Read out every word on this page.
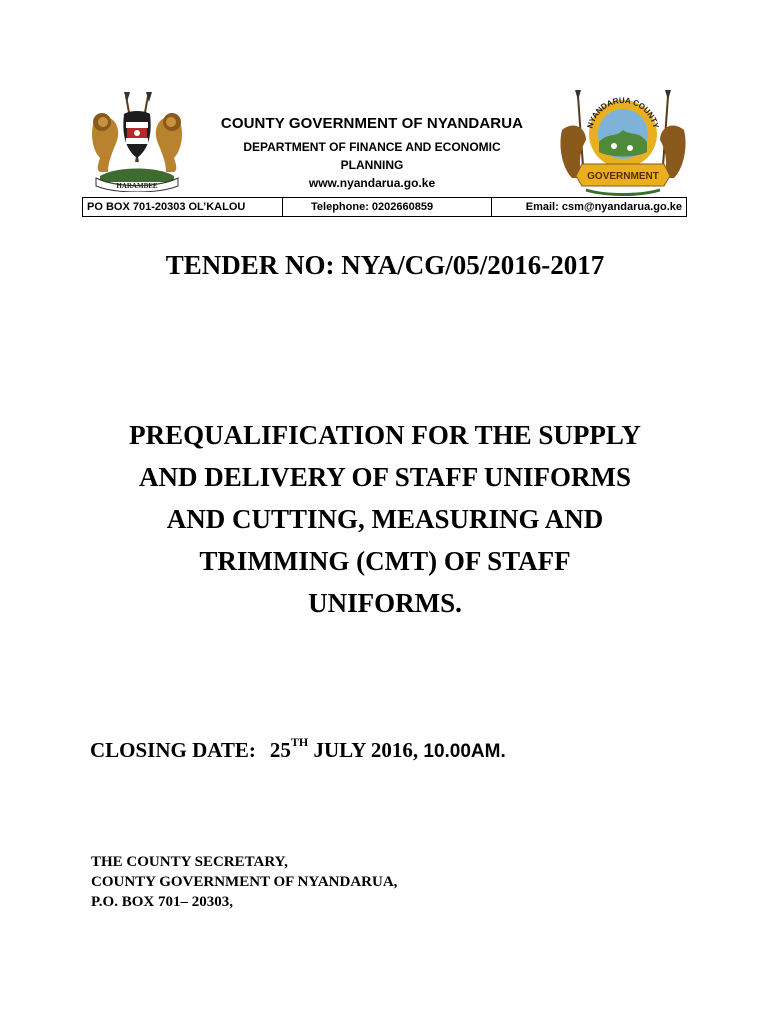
HARAMBEE
COUNTY GOVERNMENT OF NYANDARUA
DEPARTMENT OF FINANCE AND ECONOMIC
PLANNING
www.nyandarua.go.ke
NYANDARUA COUNTY
GOVERNMENT
PO BOX 701-20303 OL’KALOU	Telephone: 0202660859	Email: csm@nyandarua.go.ke
TENDER NO: NYA/CG/05/2016-2017
PREQUALIFICATION FOR THE SUPPLY
AND DELIVERY OF STAFF UNIFORMS
AND CUTTING, MEASURING AND
TRIMMING (CMT) OF STAFF
UNIFORMS.
CLOSING DATE: 25TH JULY 2016, 10.00AM.
THE COUNTY SECRETARY,
COUNTY GOVERNMENT OF NYANDARUA,
P.O. BOX 701– 20303,
